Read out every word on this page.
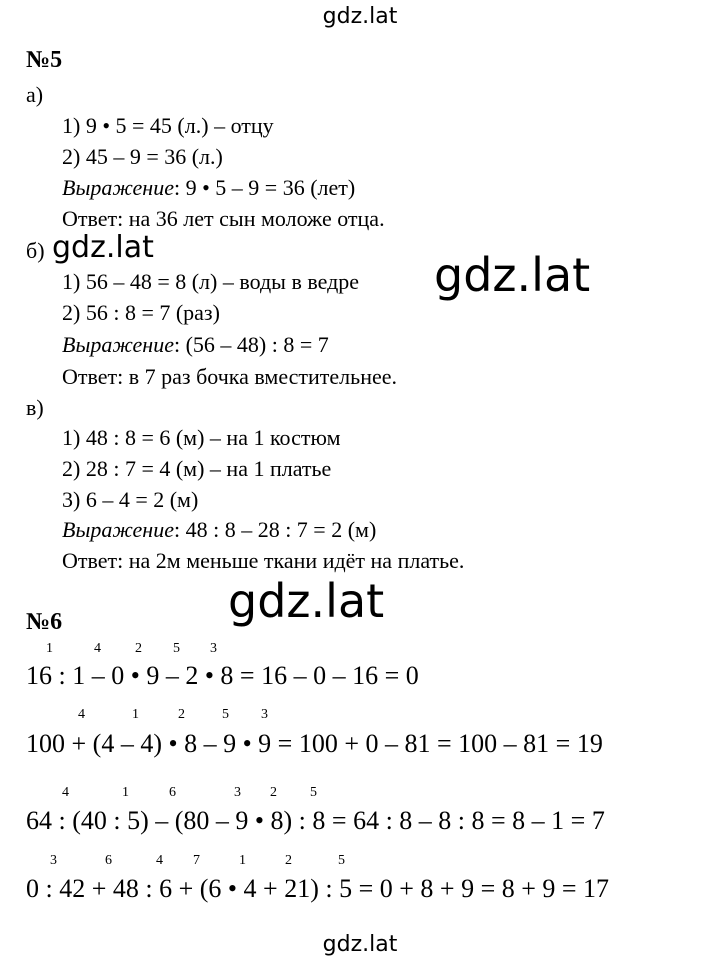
gdz.lat
gdz.lat
gdz.lat
gdz.lat
gdz.lat
№5
а)
1) 9 • 5 = 45 (л.) – отцу
2) 45 – 9 = 36 (л.)
Выражение: 9 • 5 – 9 = 36 (лет)
Ответ: на 36 лет сын моложе отца.
б)
1) 56 – 48 = 8 (л) – воды в ведре
2) 56 : 8 = 7 (раз)
Выражение: (56 – 48) : 8 = 7
Ответ: в 7 раз бочка вместительнее.
в)
1) 48 : 8 = 6 (м) – на 1 костюм
2) 28 : 7 = 4 (м) – на 1 платье
3) 6 – 4 = 2 (м)
Выражение: 48 : 8 – 28 : 7 = 2 (м)
Ответ: на 2м меньше ткани идёт на платье.
№6
1	4 2 5 3
16 : 1 – 0 • 9 – 2 • 8 = 16 – 0 – 16 = 0
4	1	2	5 3
100 + (4 – 4) • 8 – 9 • 9 = 100 + 0 – 81 = 100 – 81 = 19
4	1	6	3 2 5
64 : (40 : 5) – (80 – 9 • 8) : 8 = 64 : 8 – 8 : 8 = 8 – 1 = 7
3	6	4 7	1	2	5
0 : 42 + 48 : 6 + (6 • 4 + 21) : 5 = 0 + 8 + 9 = 8 + 9 = 17
